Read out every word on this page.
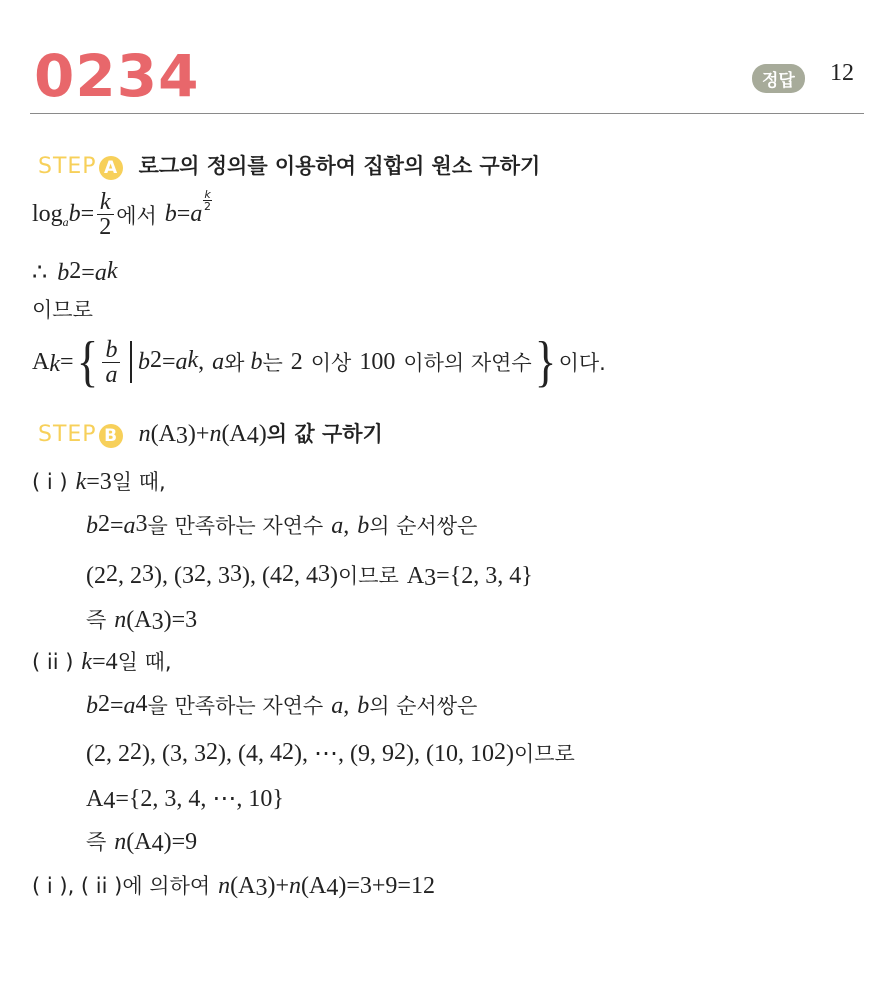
0234	정답	12
STEP A 로그의 정의를 이용하여 집합의 원소 구하기
log a $b = \frac{k}{2}$ 에서 b = a
$\frac{k}{2}$
∴ $b^2 = a^k$
이므로
$A_k$ = { $\frac{b}{a} b^2 = a^k$ , a 와 b 는 2 이상 100 이하의 자연수 } 이다.
STEP B n ($A_3$ )+ n ($A_4$ ) 의 값 구하기
( i ) k =3 일 때,
$b^2 = a^3$ 을 만족하는 자연수 a , b 의 순서쌍은
($2^2$ , $2^3$ ), ($3^2$ , $3^3$ ), ($4^2$ , $4^3$ ) 이므로 $A_3 =\{2$, 3, 4}
즉 n ($A_3$ )=3
( ii ) k =4 일 때,
$b^2 = a^4$ 을 만족하는 자연수 a , b 의 순서쌍은
(2, $2^2$ ), (3, $3^2$ ), (4, $4^2$ ), ⋯, (9, $9^2$ ), (10, $10^2$ ) 이므로
$A_4 =\{2$, 3, 4, ⋯, 10}
즉 n ($A_4$ )=9
( i ), ( ii ) 에 의하여 n ($A_3$ )+ n ($A_4$ )=3+9=12
